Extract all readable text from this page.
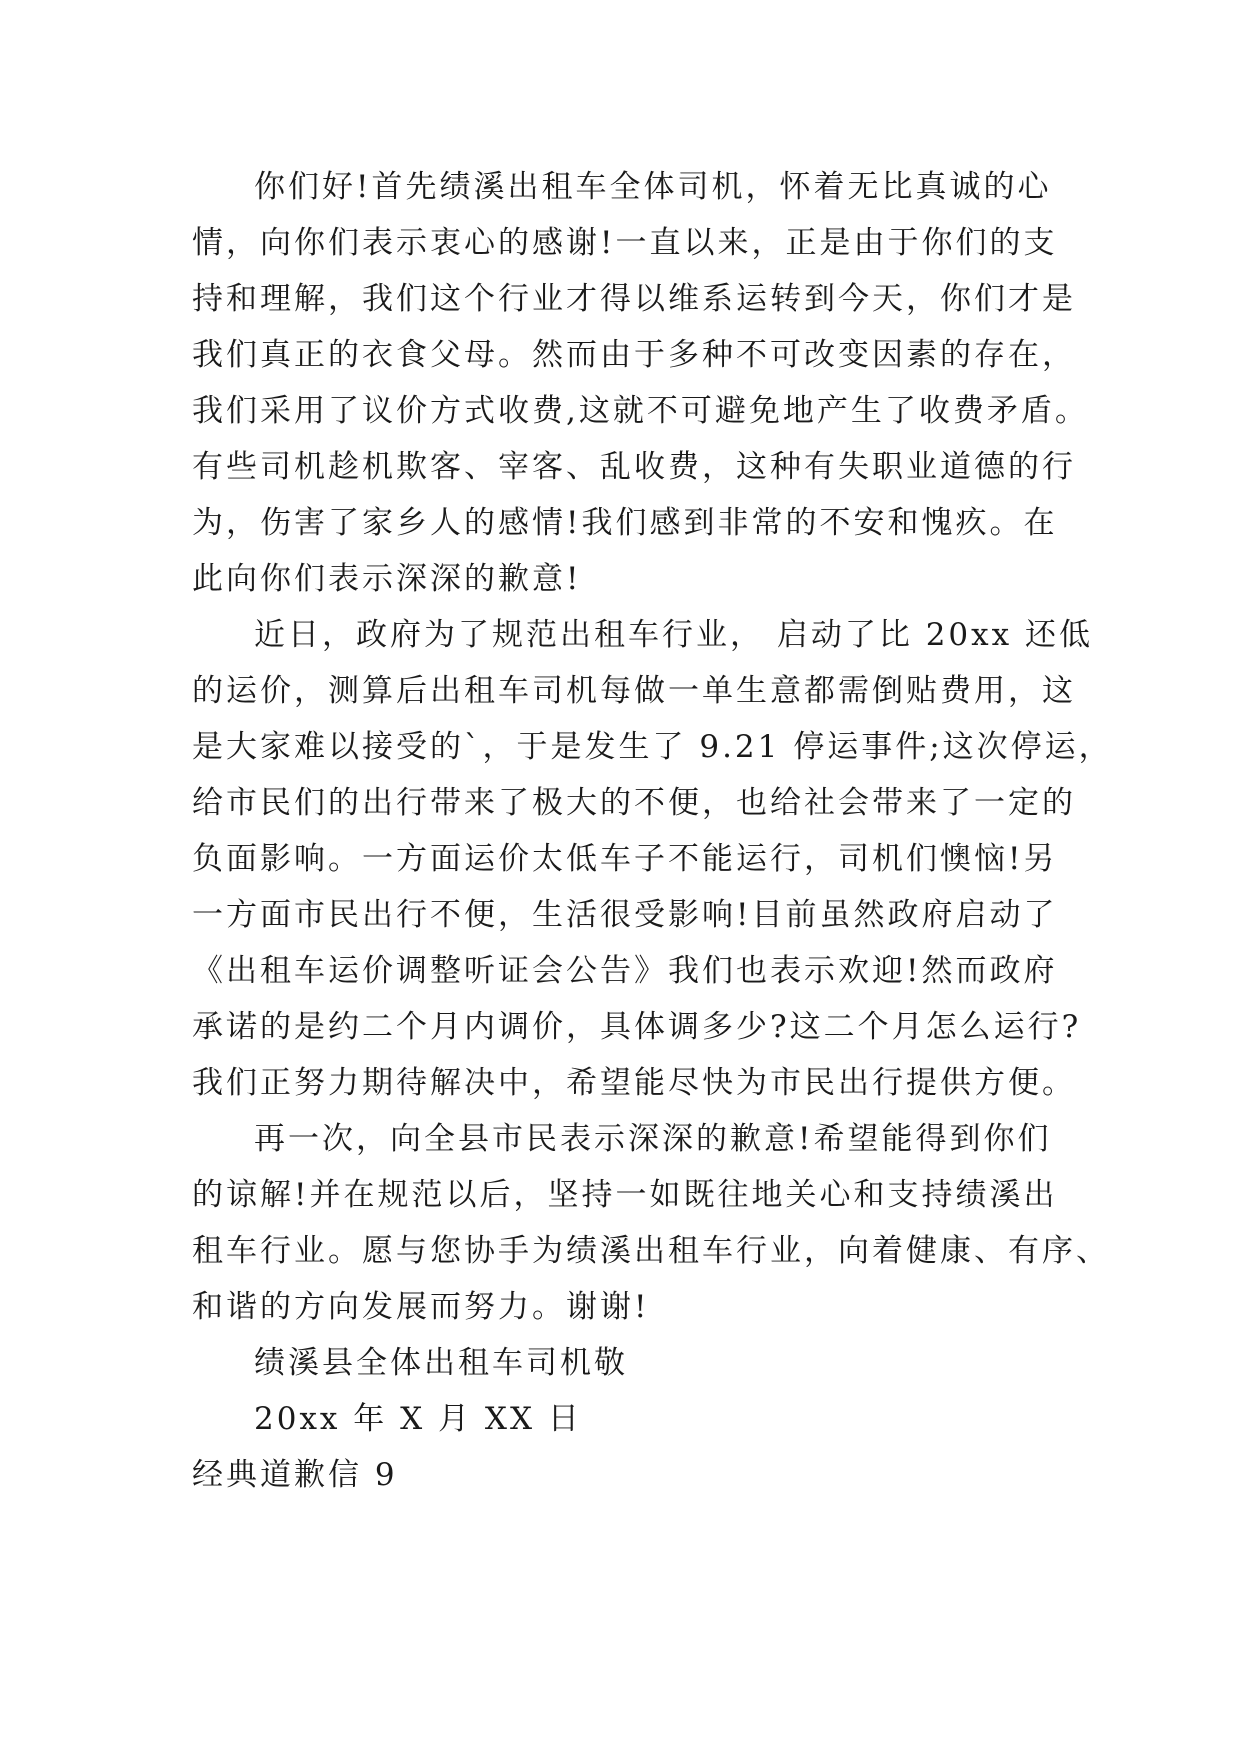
你们好!首先绩溪出租车全体司机，怀着无比真诚的心
情，向你们表示衷心的感谢!一直以来，正是由于你们的支
持和理解，我们这个行业才得以维系运转到今天，你们才是
我们真正的衣食父母。然而由于多种不可改变因素的存在，
我们采用了议价方式收费,这就不可避免地产生了收费矛盾。
有些司机趁机欺客、宰客、乱收费，这种有失职业道德的行
为，伤害了家乡人的感情!我们感到非常的不安和愧疚。在
此向你们表示深深的歉意!
近日，政府为了规范出租车行业， 启动了比 20xx 还低
的运价，测算后出租车司机每做一单生意都需倒贴费用，这
是大家难以接受的`，于是发生了 9.21 停运事件;这次停运，
给市民们的出行带来了极大的不便，也给社会带来了一定的
负面影响。一方面运价太低车子不能运行，司机们懊恼!另
一方面市民出行不便，生活很受影响!目前虽然政府启动了
《出租车运价调整听证会公告》我们也表示欢迎!然而政府
承诺的是约二个月内调价，具体调多少?这二个月怎么运行?
我们正努力期待解决中，希望能尽快为市民出行提供方便。
再一次，向全县市民表示深深的歉意!希望能得到你们
的谅解!并在规范以后，坚持一如既往地关心和支持绩溪出
租车行业。愿与您协手为绩溪出租车行业，向着健康、有序、
和谐的方向发展而努力。谢谢!
绩溪县全体出租车司机敬
20xx 年 X 月 XX 日
经典道歉信 9
